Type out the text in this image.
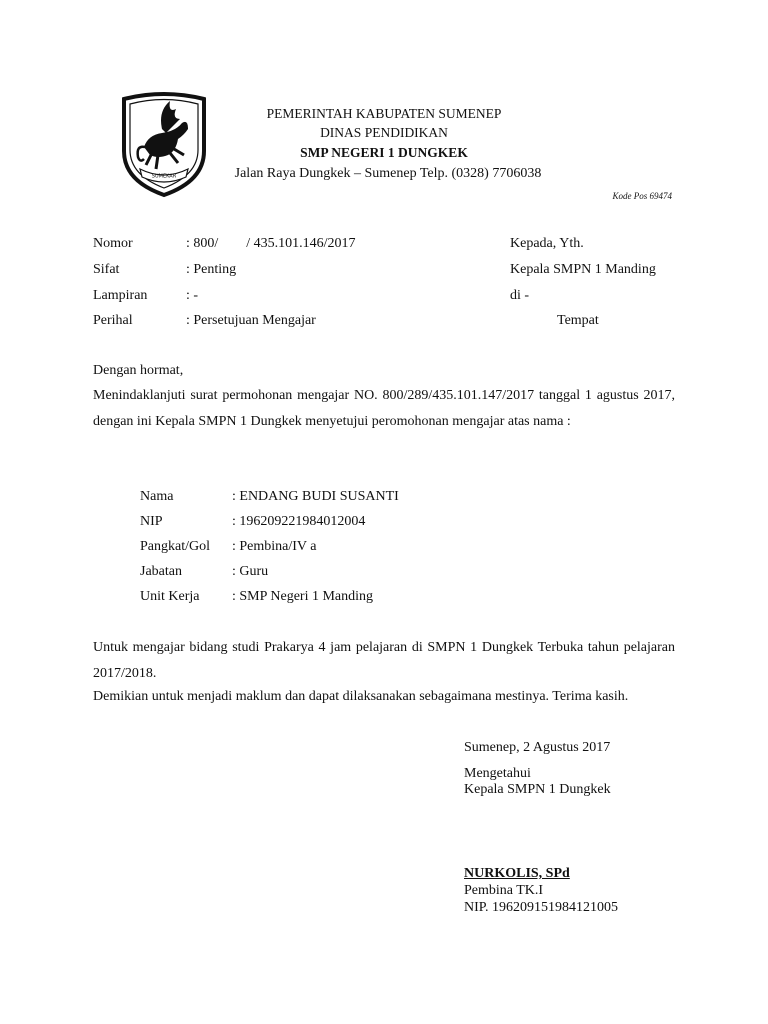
SUMEKAR
PEMERINTAH KABUPATEN SUMENEP
DINAS PENDIDIKAN
SMP NEGERI 1 DUNGKEK
Jalan Raya Dungkek – Sumenep Telp. (0328) 7706038
Kode Pos 69474
Nomor	: 800/        / 435.101.146/2017
Sifat	: Penting
Lampiran	: -
Perihal	: Persetujuan Mengajar
Kepada, Yth.
Kepala SMPN 1 Manding
di -
Tempat
Dengan hormat,
Menindaklanjuti surat permohonan mengajar NO. 800/289/435.101.147/2017 tanggal 1 agustus 2017, dengan ini Kepala SMPN 1 Dungkek menyetujui peromohonan mengajar atas nama :
Nama	: ENDANG BUDI SUSANTI
NIP	: 196209221984012004
Pangkat/Gol : Pembina/IV a
Jabatan	: Guru
Unit Kerja : SMP Negeri 1 Manding
Untuk mengajar bidang studi Prakarya 4 jam pelajaran di SMPN 1 Dungkek Terbuka tahun pelajaran 2017/2018.
Demikian untuk menjadi maklum dan dapat dilaksanakan sebagaimana mestinya. Terima kasih.
Sumenep, 2 Agustus 2017
Mengetahui
Kepala SMPN 1 Dungkek
NURKOLIS, SPd
Pembina TK.I
NIP. 196209151984121005
